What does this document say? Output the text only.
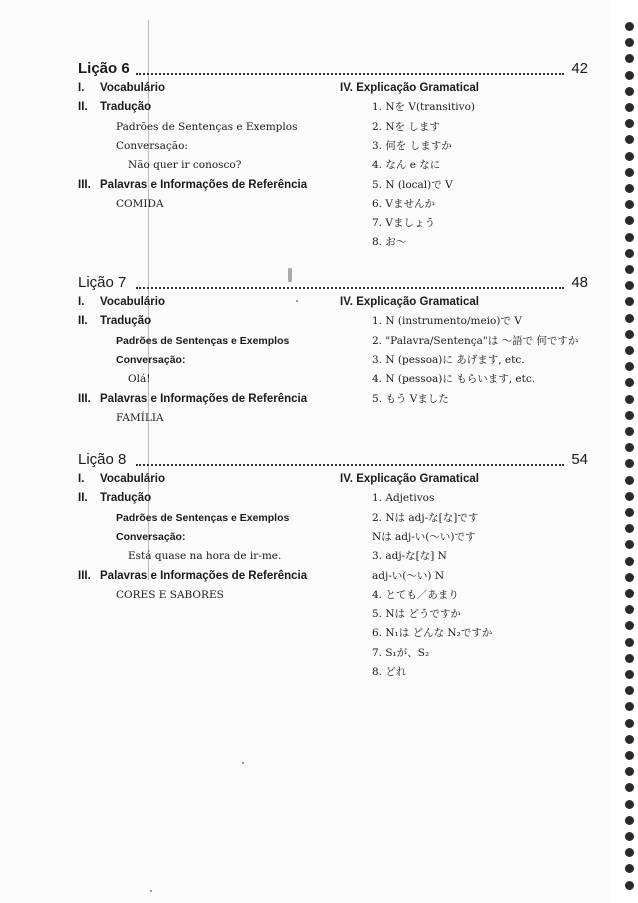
Lição 6	42
I. Vocabulário
II. Tradução
Padrões de Sentenças e Exemplos
Conversação:
Não quer ir conosco?
III. Palavras e Informações de Referência
COMIDA
IV. Explicação Gramatical
1. Nを V(transitivo)
2. Nを します
3. 何を しますか
4. なん e なに
5. N (local)で V
6. Vませんか
7. Vましょう
8. お～
Lição 7	48
I. Vocabulário
II. Tradução
Padrões de Sentenças e Exemplos
Conversação:
Olá!
III. Palavras e Informações de Referência
FAMÍLIA
IV. Explicação Gramatical
1. N (instrumento/meio)で V
2. "Palavra/Sentença"は ～語で 何ですか
3. N (pessoa)に あげます, etc.
4. N (pessoa)に もらいます, etc.
5. もう Vました
Lição 8	54
I. Vocabulário
II. Tradução
Padrões de Sentenças e Exemplos
Conversação:
Está quase na hora de ir-me.
III. Palavras e Informações de Referência
CORES E SABORES
IV. Explicação Gramatical
1. Adjetivos
2. Nは adj-な[な]です
Nは adj-い(～い)です
3. adj-な[な] N
adj-い(～い) N
4. とても／あまり
5. Nは どうですか
6. N₁は どんな N₂ですか
7. S₁が、S₂
8. どれ
